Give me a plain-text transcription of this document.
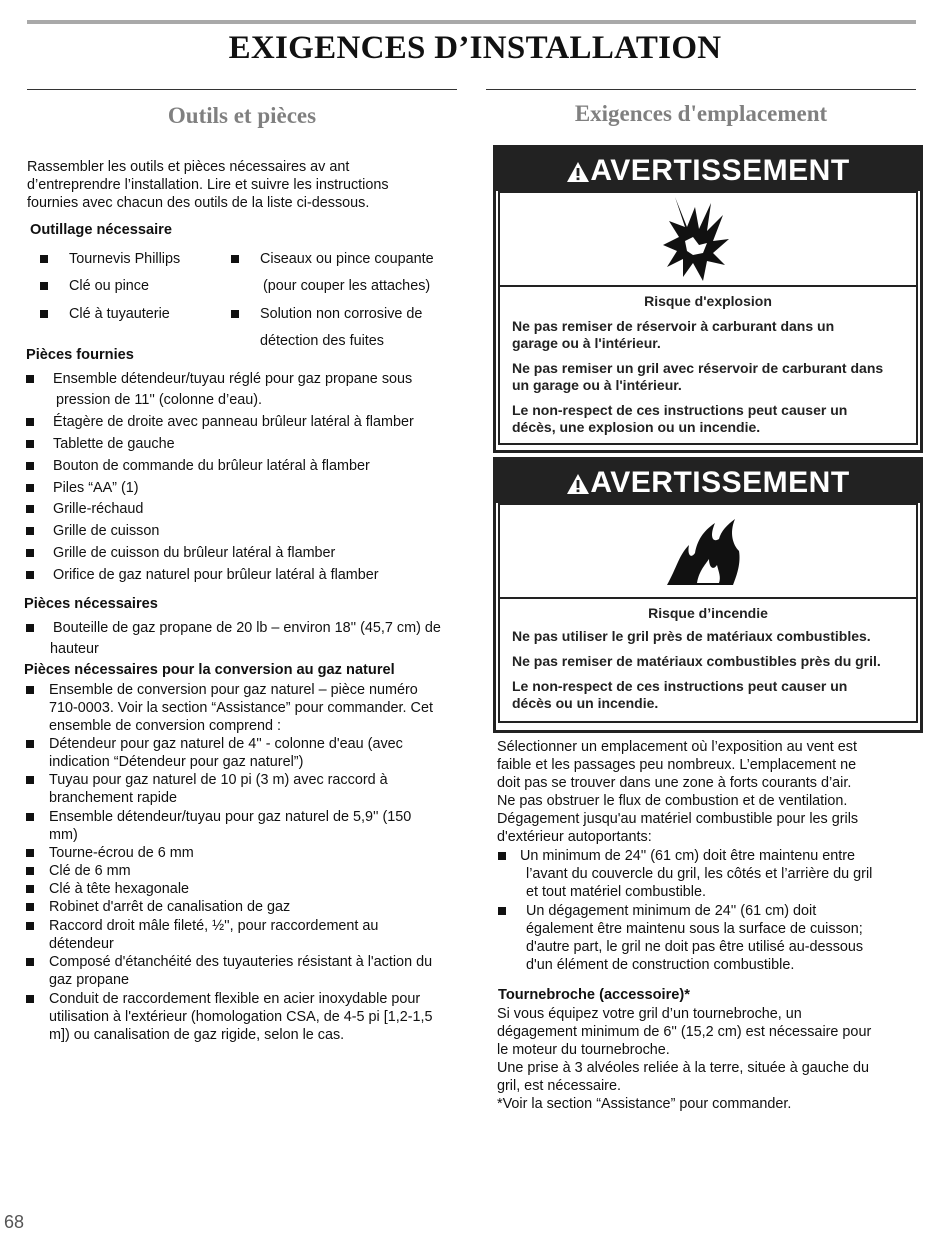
EXIGENCES D’INSTALLATION
Outils et pièces
Rassembler les outils et pièces nécessaires av ant
d’entreprendre l’installation. Lire et suivre les instructions
fournies avec chacun des outils de la liste ci-dessous.
Outillage nécessaire
Tournevis Phillips
Clé ou pince
Clé à tuyauterie
Ciseaux ou pince coupante
(pour couper les attaches)
Solution non corrosive de
détection des fuites
Pièces fournies
Ensemble détendeur/tuyau réglé pour gaz propane sous
pression de 11'' (colonne d’eau).
Étagère de droite avec panneau brûleur latéral à flamber
Tablette de gauche
Bouton de commande du brûleur latéral à flamber
Piles “AA” (1)
Grille-réchaud
Grille de cuisson
Grille de cuisson du brûleur latéral à flamber
Orifice de gaz naturel pour brûleur latéral à flamber
Pièces nécessaires
Bouteille de gaz propane de 20 lb – environ 18'' (45,7 cm) de
hauteur
Pièces nécessaires pour la conversion au gaz naturel
Ensemble de conversion pour gaz naturel – pièce numéro
710-0003. Voir la section “Assistance” pour commander. Cet
ensemble de conversion comprend :
Détendeur pour gaz naturel de 4'' - colonne d'eau (avec
indication “Détendeur pour gaz naturel”)
Tuyau pour gaz naturel de 10 pi (3 m) avec raccord à
branchement rapide
Ensemble détendeur/tuyau pour gaz naturel de 5,9'' (150
mm)
Tourne-écrou de 6 mm
Clé de 6 mm
Clé à tête hexagonale
Robinet d'arrêt de canalisation de gaz
Raccord droit mâle fileté, ½'', pour raccordement au
détendeur
Composé d'étanchéité des tuyauteries résistant à l'action du
gaz propane
Conduit de raccordement flexible en acier inoxydable pour
utilisation à l'extérieur (homologation CSA, de 4-5 pi [1,2-1,5
m]) ou canalisation de gaz rigide, selon le cas.
Exigences d'emplacement
AVERTISSEMENT
Risque d'explosion
Ne pas remiser de réservoir à carburant dans un
garage ou à l'intérieur.
Ne pas remiser un gril avec réservoir de carburant dans
un garage ou à l'intérieur.
Le non-respect de ces instructions peut causer un
décès, une explosion ou un incendie.
AVERTISSEMENT
Risque d’incendie
Ne pas utiliser le gril près de matériaux combustibles.
Ne pas remiser de matériaux combustibles près du gril.
Le non-respect de ces instructions peut causer un
décès ou un incendie.
Sélectionner un emplacement où l’exposition au vent est
faible et les passages peu nombreux. L’emplacement ne
doit pas se trouver dans une zone à forts courants d’air.
Ne pas obstruer le flux de combustion et de ventilation.
Dégagement jusqu'au matériel combustible pour les grils
d'extérieur autoportants:
Un minimum de 24'' (61 cm) doit être maintenu entre
l’avant du couvercle du gril, les côtés et l’arrière du gril
et tout matériel combustible.
Un dégagement minimum de 24'' (61 cm) doit
également être maintenu sous la surface de cuisson;
d'autre part, le gril ne doit pas être utilisé au-dessous
d'un élément de construction combustible.
Tournebroche (accessoire)*
Si vous équipez votre gril d’un tournebroche, un
dégagement minimum de 6'' (15,2 cm) est nécessaire pour
le moteur du tournebroche.
Une prise à 3 alvéoles reliée à la terre, située à gauche du
gril, est nécessaire.
*Voir la section “Assistance” pour commander.
68
